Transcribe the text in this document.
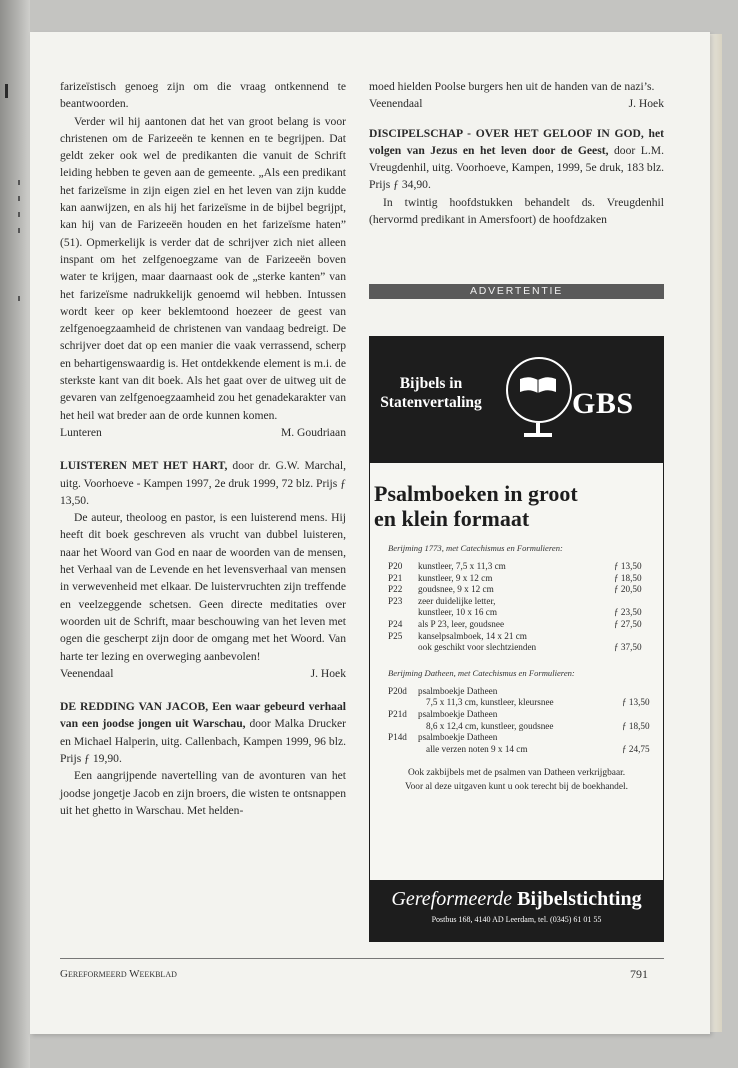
farizeïstisch genoeg zijn om die vraag ontkennend te beantwoorden.

Verder wil hij aantonen dat het van groot belang is voor christenen om de Farizeeën te kennen en te begrijpen. Dat geldt zeker ook wel de predikanten die vanuit de Schrift leiding hebben te geven aan de gemeente. „Als een predikant het farizeïsme in zijn eigen ziel en het leven van zijn kudde kan aanwijzen, en als hij het farizeïsme in de bijbel begrijpt, kan hij van de Farizeeën houden en het farizeïsme haten” (51). Opmerkelijk is verder dat de schrijver zich niet alleen inspant om het zelfgenoegzame van de Farizeeën boven water te krijgen, maar daarnaast ook de „sterke kanten” van het farizeïsme nadrukkelijk genoemd wil hebben. Intussen wordt keer op keer beklemtoond hoezeer de geest van zelfgenoegzaamheid de christenen van vandaag bedreigt. De schrijver doet dat op een manier die vaak verrassend, scherp en behartigenswaardig is. Het ontdekkende element is m.i. de sterkste kant van dit boek. Als het gaat over de uitweg uit de gevaren van zelfgenoegzaamheid zou het genadekarakter van het heil wat breder aan de orde kunnen komen.

Lunteren	M. Goudriaan

LUISTEREN MET HET HART, door dr. G.W. Marchal, uitg. Voorhoeve - Kampen 1997, 2e druk 1999, 72 blz. Prijs ƒ 13,50.

De auteur, theoloog en pastor, is een luisterend mens. Hij heeft dit boek geschreven als vrucht van dubbel luisteren, naar het Woord van God en naar de woorden van de mensen, het Verhaal van de Levende en het levensverhaal van mensen in verwevenheid met elkaar. De luistervruchten zijn treffende en veelzeggende schetsen. Geen directe meditaties over woorden uit de Schrift, maar beschouwing van het leven met ogen die gescherpt zijn door de omgang met het Woord. Van harte ter lezing en overweging aanbevolen!

Veenendaal	J. Hoek

DE REDDING VAN JACOB, Een waar gebeurd verhaal van een joodse jongen uit Warschau, door Malka Drucker en Michael Halperin, uitg. Callenbach, Kampen 1999, 96 blz. Prijs ƒ 19,90.

Een aangrijpende navertelling van de avonturen van het joodse jongetje Jacob en zijn broers, die wisten te ontsnappen uit het ghetto in Warschau. Met helden-

moed hielden Poolse burgers hen uit de handen van de nazi’s.

Veenendaal	J. Hoek

DISCIPELSCHAP - OVER HET GELOOF IN GOD, het volgen van Jezus en het leven door de Geest, door L.M. Vreugdenhil, uitg. Voorhoeve, Kampen, 1999, 5e druk, 183 blz. Prijs ƒ 34,90.

In twintig hoofdstukken behandelt ds. Vreugdenhil (hervormd predikant in Amersfoort) de hoofdzaken

ADVERTENTIE
Bijbels in
Statenvertaling	GBS
Psalmboeken in groot
en klein formaat
Berijming 1773, met Catechismus en Formulieren:
P20	kunstleer, 7,5 x 11,3 cm	ƒ 13,50
P21	kunstleer, 9 x 12 cm	ƒ 18,50
P22	goudsnee, 9 x 12 cm	ƒ 20,50
P23	zeer duidelijke letter,	
	kunstleer, 10 x 16 cm	ƒ 23,50
P24	als P 23, leer, goudsnee	ƒ 27,50
P25	kanselpsalmboek, 14 x 21 cm	
	ook geschikt voor slechtzienden	ƒ 37,50
Berijming Datheen, met Catechismus en Formulieren:
P20d	psalmboekje Datheen	
	7,5 x 11,3 cm, kunstleer, kleursnee	ƒ 13,50
P21d	psalmboekje Datheen	
	8,6 x 12,4 cm, kunstleer, goudsnee	ƒ 18,50
P14d	psalmboekje Datheen	
	alle verzen noten 9 x 14 cm	ƒ 24,75
Ook zakbijbels met de psalmen van Datheen verkrijgbaar.
Voor al deze uitgaven kunt u ook terecht bij de boekhandel.
Gereformeerde Bijbelstichting
Postbus 168, 4140 AD Leerdam, tel. (0345) 61 01 55
Gereformeerd Weekblad	791
